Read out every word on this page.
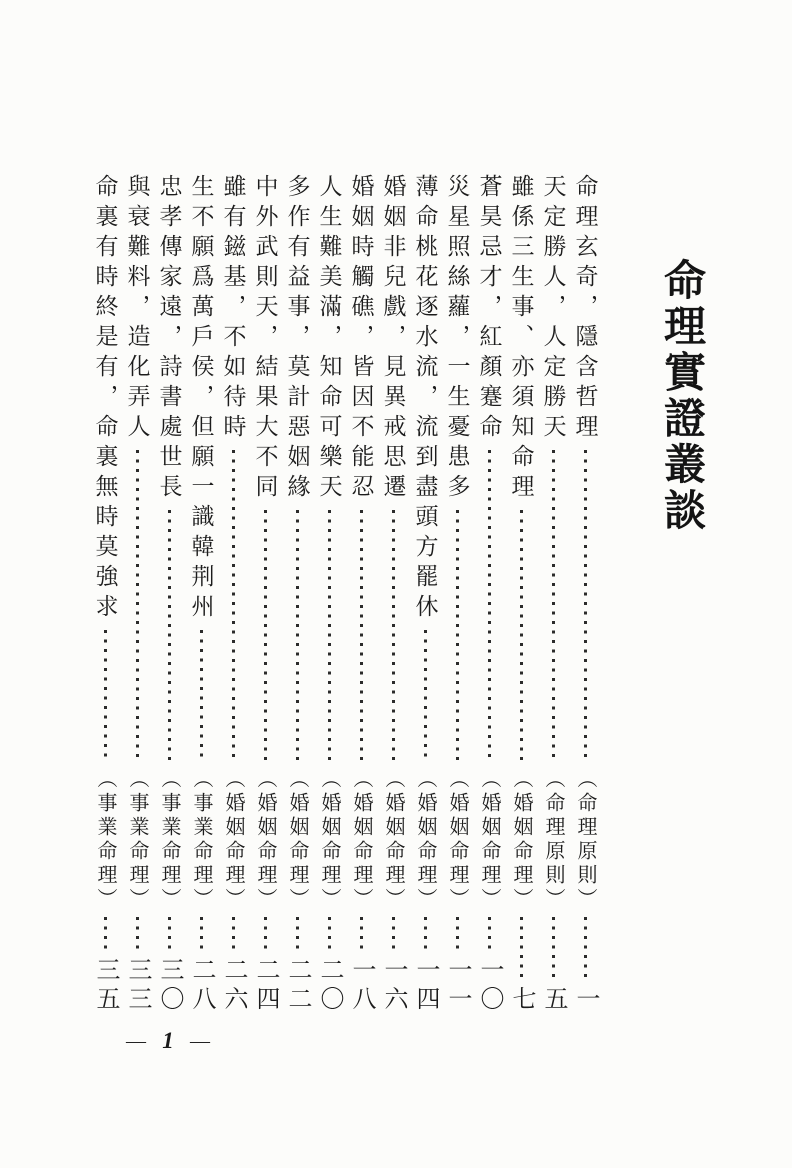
命理實證叢談
命理玄奇，隱含哲理
（命理原則）
一
天定勝人，人定勝天
（命理原則）
五
雖係三生事、亦須知命理
（婚姻命理）
七
蒼昊忌才，紅顏蹇命
（婚姻命理）
一〇
災星照絲蘿，一生憂患多
（婚姻命理）
一一
薄命桃花逐水流，流到盡頭方罷休
（婚姻命理）
一四
婚姻非兒戲，見異戒思遷
（婚姻命理）
一六
婚姻時觸礁，皆因不能忍
（婚姻命理）
一八
人生難美滿，知命可樂天
（婚姻命理）
二〇
多作有益事，莫計惡姻緣
（婚姻命理）
二二
中外武則天，結果大不同
（婚姻命理）
二四
雖有鎡基，不如待時
（婚姻命理）
二六
生不願爲萬戶侯，但願一識韓荆州
（事業命理）
二八
忠孝傳家遠，詩書處世長
（事業命理）
三〇
與衰難料，造化弄人
（事業命理）
三三
命裏有時終是有，命裏無時莫強求
（事業命理）
三五
— 1 —
